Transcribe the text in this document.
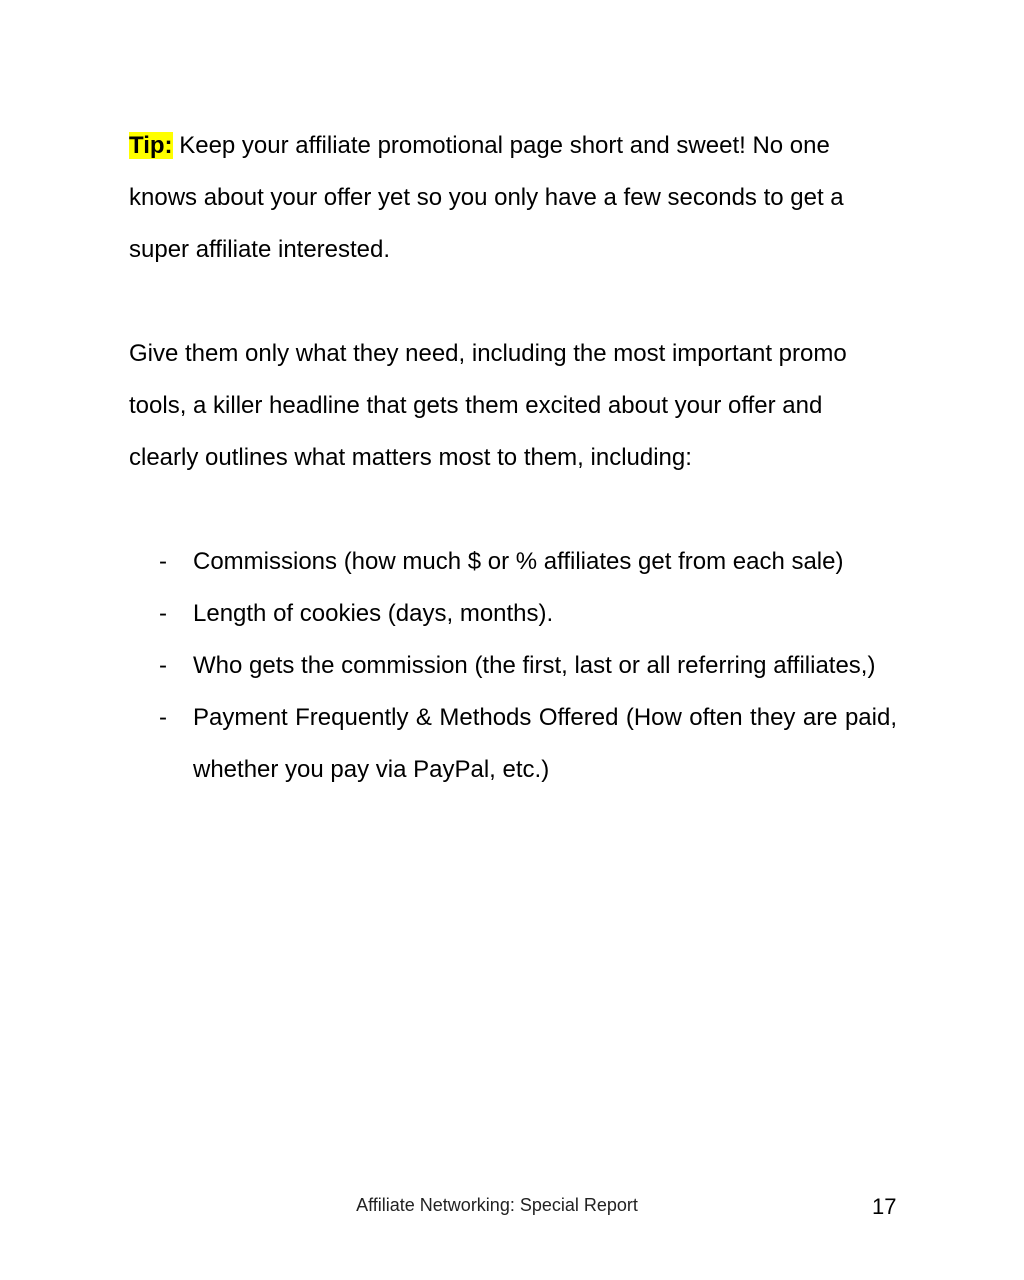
Tip: Keep your affiliate promotional page short and sweet! No one knows about your offer yet so you only have a few seconds to get a super affiliate interested.

Give them only what they need, including the most important promo tools, a killer headline that gets them excited about your offer and clearly outlines what matters most to them, including:

- Commissions (how much $ or % affiliates get from each sale)
- Length of cookies (days, months).
- Who gets the commission (the first, last or all referring affiliates,)
- Payment Frequently & Methods Offered (How often they are paid, whether you pay via PayPal, etc.)
Affiliate Networking: Special Report	17
